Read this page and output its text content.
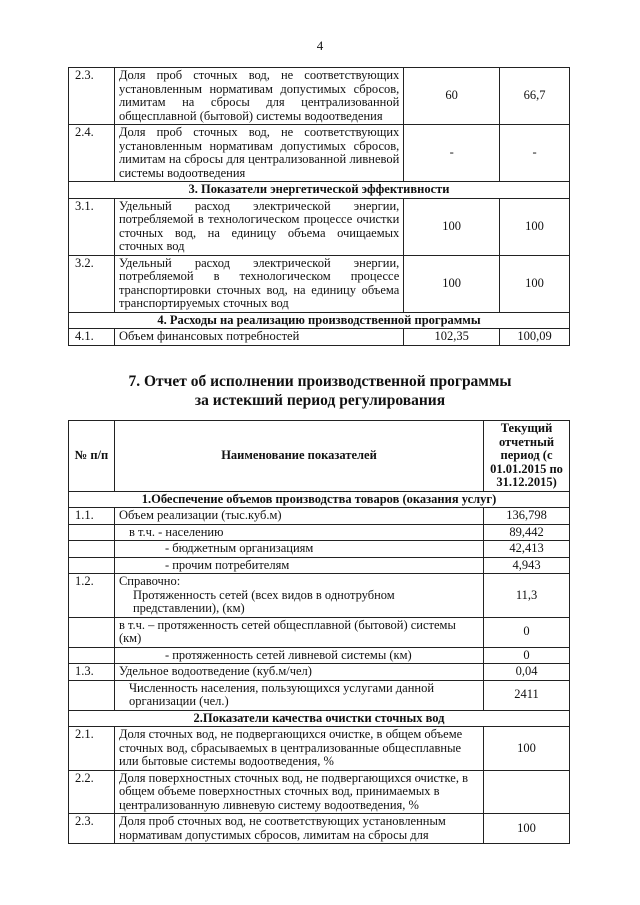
4
2.3.	Доля проб сточных вод, не соответствующих установленным нормативам допустимых сбросов, лимитам на сбросы для централизованной общесплавной (бытовой) системы водоотведения	60	66,7
2.4.	Доля проб сточных вод, не соответствующих установленным нормативам допустимых сбросов, лимитам на сбросы для централизованной ливневой системы водоотведения	-	-
3. Показатели энергетической эффективности			
3.1.	Удельный расход электрической энергии, потребляемой в технологическом процессе очистки сточных вод, на единицу объема очищаемых сточных вод	100	100
3.2.	Удельный расход электрической энергии, потребляемой в технологическом процессе транспортировки сточных вод, на единицу объема транспортируемых сточных вод	100	100
4. Расходы на реализацию производственной программы			
4.1.	Объем финансовых потребностей	102,35	100,09
7. Отчет об исполнении производственной программы
за истекший период регулирования
№ п/п	Наименование показателей	Текущий отчетный период (с 01.01.2015 по 31.12.2015)
1.Обеспечение объемов производства товаров (оказания услуг)		
1.1.	Объем реализации (тыс.куб.м)	136,798
	в т.ч. - населению	89,442
	- бюджетным организациям	42,413
	- прочим потребителям	4,943
1.2.	Справочно:
Протяженность сетей (всех видов в однотрубном представлении), (км)	11,3
	в т.ч. – протяженность сетей общесплавной (бытовой) системы (км)	0
	- протяженность сетей ливневой системы (км)	0
1.3.	Удельное водоотведение (куб.м/чел)	0,04
	Численность населения, пользующихся услугами данной организации (чел.)	2411
2.Показатели качества очистки сточных вод		
2.1.	Доля сточных вод, не подвергающихся очистке, в общем объеме сточных вод, сбрасываемых в централизованные общесплавные или бытовые системы водоотведения, %	100
2.2.	Доля поверхностных сточных вод, не подвергающихся очистке, в общем объеме поверхностных сточных вод, принимаемых в централизованную ливневую систему водоотведения, %	
2.3.	Доля проб сточных вод, не соответствующих установленным нормативам допустимых сбросов, лимитам на сбросы для	100
